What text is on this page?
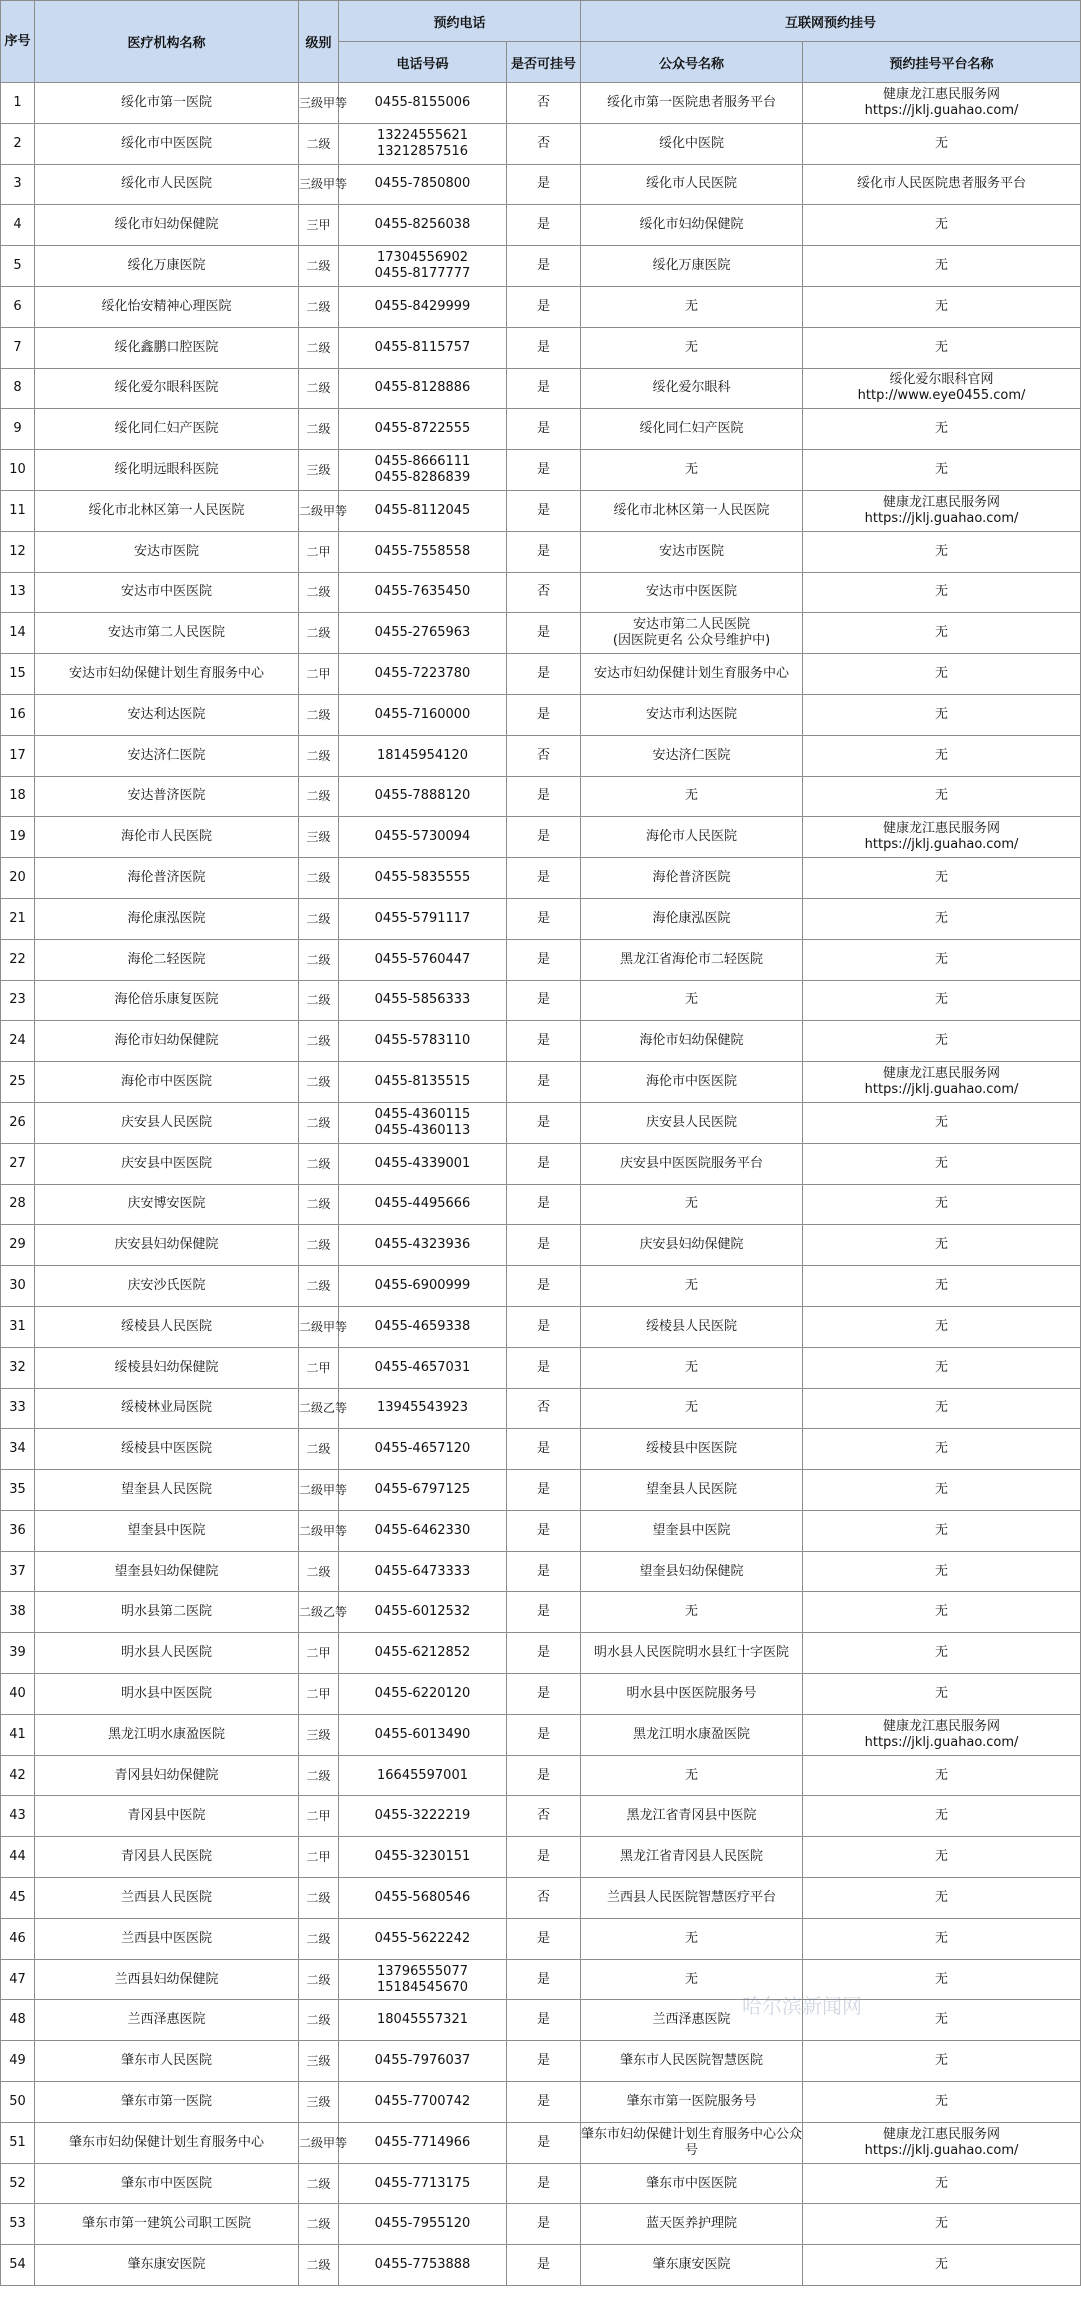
序号	医疗机构名称	级别	预约电话		互联网预约挂号	
			电话号码	是否可挂号	公众号名称	预约挂号平台名称
1	绥化市第一医院	三级甲等	0455-8155006	否	绥化市第一医院患者服务平台	健康龙江惠民服务网
https://jklj.guahao.com/
2	绥化市中医医院	二级	13224555621
13212857516	否	绥化中医院	无
3	绥化市人民医院	三级甲等	0455-7850800	是	绥化市人民医院	绥化市人民医院患者服务平台
4	绥化市妇幼保健院	三甲	0455-8256038	是	绥化市妇幼保健院	无
5	绥化万康医院	二级	17304556902
0455-8177777	是	绥化万康医院	无
6	绥化怡安精神心理医院	二级	0455-8429999	是	无	无
7	绥化鑫鹏口腔医院	二级	0455-8115757	是	无	无
8	绥化爱尔眼科医院	二级	0455-8128886	是	绥化爱尔眼科	绥化爱尔眼科官网
http://www.eye0455.com/
9	绥化同仁妇产医院	二级	0455-8722555	是	绥化同仁妇产医院	无
10	绥化明远眼科医院	三级	0455-8666111
0455-8286839	是	无	无
11	绥化市北林区第一人民医院	二级甲等	0455-8112045	是	绥化市北林区第一人民医院	健康龙江惠民服务网
https://jklj.guahao.com/
12	安达市医院	二甲	0455-7558558	是	安达市医院	无
13	安达市中医医院	二级	0455-7635450	否	安达市中医医院	无
14	安达市第二人民医院	二级	0455-2765963	是	安达市第二人民医院
(因医院更名 公众号维护中)	无
15	安达市妇幼保健计划生育服务中心	二甲	0455-7223780	是	安达市妇幼保健计划生育服务中心	无
16	安达利达医院	二级	0455-7160000	是	安达市利达医院	无
17	安达济仁医院	二级	18145954120	否	安达济仁医院	无
18	安达普济医院	二级	0455-7888120	是	无	无
19	海伦市人民医院	三级	0455-5730094	是	海伦市人民医院	健康龙江惠民服务网
https://jklj.guahao.com/
20	海伦普济医院	二级	0455-5835555	是	海伦普济医院	无
21	海伦康泓医院	二级	0455-5791117	是	海伦康泓医院	无
22	海伦二轻医院	二级	0455-5760447	是	黑龙江省海伦市二轻医院	无
23	海伦倍乐康复医院	二级	0455-5856333	是	无	无
24	海伦市妇幼保健院	二级	0455-5783110	是	海伦市妇幼保健院	无
25	海伦市中医医院	二级	0455-8135515	是	海伦市中医医院	健康龙江惠民服务网
https://jklj.guahao.com/
26	庆安县人民医院	二级	0455-4360115
0455-4360113	是	庆安县人民医院	无
27	庆安县中医医院	二级	0455-4339001	是	庆安县中医医院服务平台	无
28	庆安博安医院	二级	0455-4495666	是	无	无
29	庆安县妇幼保健院	二级	0455-4323936	是	庆安县妇幼保健院	无
30	庆安沙氏医院	二级	0455-6900999	是	无	无
31	绥棱县人民医院	二级甲等	0455-4659338	是	绥棱县人民医院	无
32	绥棱县妇幼保健院	二甲	0455-4657031	是	无	无
33	绥棱林业局医院	二级乙等	13945543923	否	无	无
34	绥棱县中医医院	二级	0455-4657120	是	绥棱县中医医院	无
35	望奎县人民医院	二级甲等	0455-6797125	是	望奎县人民医院	无
36	望奎县中医院	二级甲等	0455-6462330	是	望奎县中医院	无
37	望奎县妇幼保健院	二级	0455-6473333	是	望奎县妇幼保健院	无
38	明水县第二医院	二级乙等	0455-6012532	是	无	无
39	明水县人民医院	二甲	0455-6212852	是	明水县人民医院明水县红十字医院	无
40	明水县中医医院	二甲	0455-6220120	是	明水县中医医院服务号	无
41	黑龙江明水康盈医院	三级	0455-6013490	是	黑龙江明水康盈医院	健康龙江惠民服务网
https://jklj.guahao.com/
42	青冈县妇幼保健院	二级	16645597001	是	无	无
43	青冈县中医院	二甲	0455-3222219	否	黑龙江省青冈县中医院	无
44	青冈县人民医院	二甲	0455-3230151	是	黑龙江省青冈县人民医院	无
45	兰西县人民医院	二级	0455-5680546	否	兰西县人民医院智慧医疗平台	无
46	兰西县中医医院	二级	0455-5622242	是	无	无
47	兰西县妇幼保健院	二级	13796555077
15184545670	是	无	无
48	兰西泽惠医院	二级	18045557321	是	兰西泽惠医院	无
49	肇东市人民医院	三级	0455-7976037	是	肇东市人民医院智慧医院	无
50	肇东市第一医院	三级	0455-7700742	是	肇东市第一医院服务号	无
51	肇东市妇幼保健计划生育服务中心	二级甲等	0455-7714966	是	肇东市妇幼保健计划生育服务中心公众号	健康龙江惠民服务网
https://jklj.guahao.com/
52	肇东市中医医院	二级	0455-7713175	是	肇东市中医医院	无
53	肇东市第一建筑公司职工医院	二级	0455-7955120	是	蓝天医养护理院	无
54	肇东康安医院	二级	0455-7753888	是	肇东康安医院	无
哈尔滨新闻网
